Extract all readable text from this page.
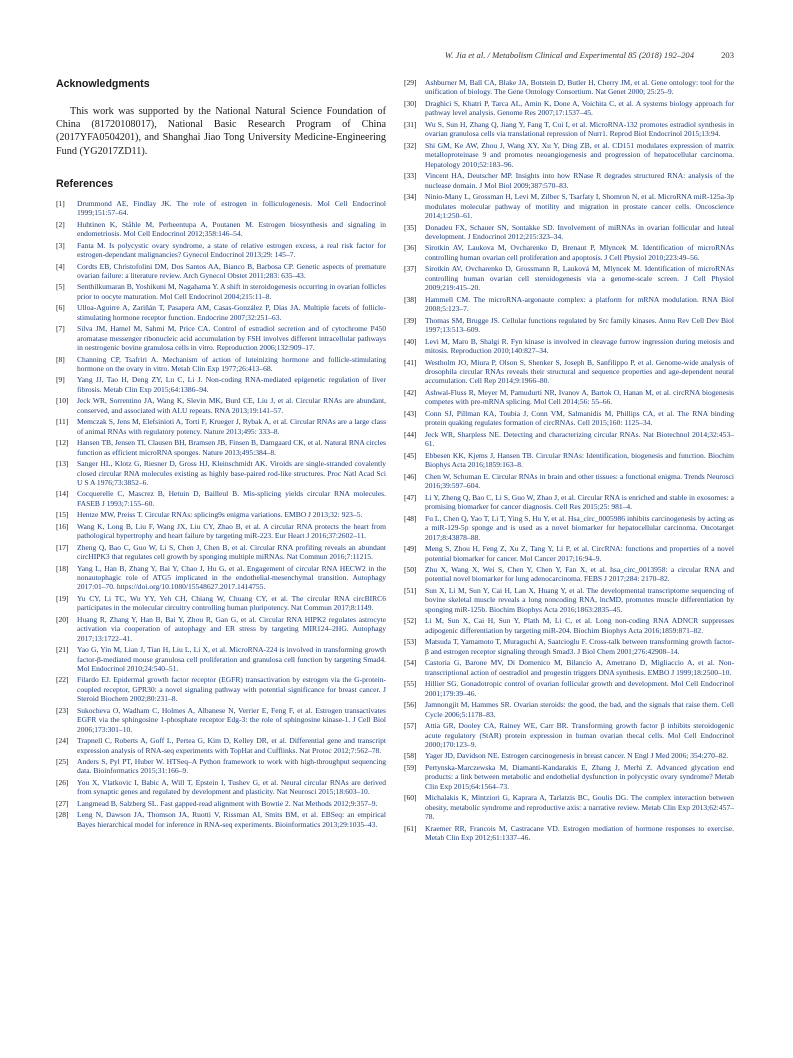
W. Jia et al. / Metabolism Clinical and Experimental 85 (2018) 192–204	203
Acknowledgments

This work was supported by the National Natural Science Foundation of China (81720108017), National Basic Research Program of China (2017YFA0504201), and Shanghai Jiao Tong University Medicine-Engineering Fund (YG2017ZD11).

References
[1] Drummond AE, Findlay JK. The role of estrogen in folliculogenesis. Mol Cell Endocrinol 1999;151:57–64.
[2] Huhtinen K, Ståhle M, Perheentupa A, Poutanen M. Estrogen biosynthesis and signaling in endometriosis. Mol Cell Endocrinol 2012;358:146–54.
[3] Fanta M. Is polycystic ovary syndrome, a state of relative estrogen excess, a real risk factor for estrogen-dependant malignancies? Gynecol Endocrinol 2013;29: 145–7.
[4] Cordts EB, Christofolini DM, Dos Santos AA, Bianco B, Barbosa CP. Genetic aspects of premature ovarian failure: a literature review. Arch Gynecol Obstet 2011;283: 635–43.
[5] Senthilkumaran B, Yoshikuni M, Nagahama Y. A shift in steroidogenesis occurring in ovarian follicles prior to oocyte maturation. Mol Cell Endocrinol 2004;215:11–8.
[6] Ulloa-Aguirre A, Zariñán T, Pasapera AM, Casas-González P, Dias JA. Multiple facets of follicle-stimulating hormone receptor function. Endocrine 2007;32:251–63.
[7] Silva JM, Hamel M, Sahmi M, Price CA. Control of estradiol secretion and of cytochrome P450 aromatase messenger ribonucleic acid accumulation by FSH involves different intracellular pathways in oestrogenic bovine granulosa cells in vitro. Reproduction 2006;132:909–17.
[8] Channing CP, Tsafriri A. Mechanism of action of luteinizing hormone and follicle-stimulating hormone on the ovary in vitro. Metab Clin Exp 1977;26:413–68.
[9] Yang JJ, Tao H, Deng ZY, Lu C, Li J. Non-coding RNA-mediated epigenetic regulation of liver fibrosis. Metab Clin Exp 2015;64:1386–94.
[10] Jeck WR, Sorrentino JA, Wang K, Slevin MK, Burd CE, Liu J, et al. Circular RNAs are abundant, conserved, and associated with ALU repeats. RNA 2013;19:141–57.
[11] Memczak S, Jens M, Elefsinioti A, Torti F, Krueger J, Rybak A, et al. Circular RNAs are a large class of animal RNAs with regulatory potency. Nature 2013;495: 333–8.
[12] Hansen TB, Jensen TI, Clausen BH, Bramsen JB, Finsen B, Damgaard CK, et al. Natural RNA circles function as efficient microRNA sponges. Nature 2013;495:384–8.
[13] Sanger HL, Klotz G, Riesner D, Gross HJ, Kleinschmidt AK. Viroids are single-stranded covalently closed circular RNA molecules existing as highly base-paired rod-like structures. Proc Natl Acad Sci U S A 1976;73:3852–6.
[14] Cocquerelle C, Mascrez B, Hetuin D, Bailleul B. Mis-splicing yields circular RNA molecules. FASEB J 1993;7:155–60.
[15] Hentze MW, Preiss T. Circular RNAs: splicing9s enigma variations. EMBO J 2013;32: 923–5.
[16] Wang K, Long B, Liu F, Wang JX, Liu CY, Zhao B, et al. A circular RNA protects the heart from pathological hypertrophy and heart failure by targeting miR-223. Eur Heart J 2016;37:2602–11.
[17] Zheng Q, Bao C, Guo W, Li S, Chen J, Chen B, et al. Circular RNA profiling reveals an abundant circHIPK3 that regulates cell growth by sponging multiple miRNAs. Nat Commun 2016;7:11215.
[18] Yang L, Han B, Zhang Y, Bai Y, Chao J, Hu G, et al. Engagement of circular RNA HECW2 in the nonautophagic role of ATG5 implicated in the endothelial-mesenchymal transition. Autophagy 2017:01–70. https://doi.org/10.1080/15548627.2017.1414755.
[19] Yu CY, Li TC, Wu YY, Yeh CH, Chiang W, Chuang CY, et al. The circular RNA circBIRC6 participates in the molecular circuitry controlling human pluripotency. Nat Commun 2017;8:1149.
[20] Huang R, Zhang Y, Han B, Bai Y, Zhou R, Gan G, et al. Circular RNA HIPK2 regulates astrocyte activation via cooperation of autophagy and ER stress by targeting MIR124–2HG. Autophagy 2017;13:1722–41.
[21] Yao G, Yin M, Lian J, Tian H, Liu L, Li X, et al. MicroRNA-224 is involved in transforming growth factor-β-mediated mouse granulosa cell proliferation and granulosa cell function by targeting Smad4. Mol Endocrinol 2010;24:540–51.
[22] Filardo EJ. Epidermal growth factor receptor (EGFR) transactivation by estrogen via the G-protein-coupled receptor, GPR30: a novel signaling pathway with potential significance for breast cancer. J Steroid Biochem 2002;80:231–8.
[23] Sukocheva O, Wadham C, Holmes A, Albanese N, Verrier E, Feng F, et al. Estrogen transactivates EGFR via the sphingosine 1-phosphate receptor Edg-3: the role of sphingosine kinase-1. J Cell Biol 2006;173:301–10.
[24] Trapnell C, Roberts A, Goff L, Pertea G, Kim D, Kelley DR, et al. Differential gene and transcript expression analysis of RNA-seq experiments with TopHat and Cufflinks. Nat Protoc 2012;7:562–78.
[25] Anders S, Pyl PT, Huber W. HTSeq–A Python framework to work with high-throughput sequencing data. Bioinformatics 2015;31:166–9.
[26] You X, Vlatkovic I, Babic A, Will T, Epstein I, Tushev G, et al. Neural circular RNAs are derived from synaptic genes and regulated by development and plasticity. Nat Neurosci 2015;18:603–10.
[27] Langmead B, Salzberg SL. Fast gapped-read alignment with Bowtie 2. Nat Methods 2012;9:357–9.
[28] Leng N, Dawson JA, Thomson JA, Ruotti V, Rissman AI, Smits BM, et al. EBSeq: an empirical Bayes hierarchical model for inference in RNA-seq experiments. Bioinformatics 2013;29:1035–43.
[29] Ashburner M, Ball CA, Blake JA, Botstein D, Butler H, Cherry JM, et al. Gene ontology: tool for the unification of biology. The Gene Ontology Consortium. Nat Genet 2000; 25:25–9.
[30] Draghici S, Khatri P, Tarca AL, Amin K, Done A, Voichita C, et al. A systems biology approach for pathway level analysis. Genome Res 2007;17:1537–45.
[31] Wu S, Sun H, Zhang Q, Jiang Y, Fang T, Cui I, et al. MicroRNA-132 promotes estradiol synthesis in ovarian granulosa cells via translational repression of Nurr1. Reprod Biol Endocrinol 2015;13:94.
[32] Shi GM, Ke AW, Zhou J, Wang XY, Xu Y, Ding ZB, et al. CD151 modulates expression of matrix metalloproteinase 9 and promotes neoangiogenesis and progression of hepatocellular carcinoma. Hepatology 2010;52:183–96.
[33] Vincent HA, Deutscher MP. Insights into how RNase R degrades structured RNA: analysis of the nuclease domain. J Mol Biol 2009;387:570–83.
[34] Ninio-Many L, Grossman H, Levi M, Zilber S, Tsarfaty I, Shomron N, et al. MicroRNA miR-125a-3p modulates molecular pathway of motility and migration in prostate cancer cells. Oncoscience 2014;1:250–61.
[35] Donadeu FX, Schauer SN, Sontakke SD. Involvement of miRNAs in ovarian follicular and luteal development. J Endocrinol 2012;215:323–34.
[36] Sirotkin AV, Laukova M, Ovcharenko D, Brenaut P, Mlyncek M. Identification of microRNAs controlling human ovarian cell proliferation and apoptosis. J Cell Physiol 2010;223:49–56.
[37] Sirotkin AV, Ovcharenko D, Grossmann R, Lauková M, Mlyncek M. Identification of microRNAs controlling human ovarian cell steroidogenesis via a genome-scale screen. J Cell Physiol 2009;219:415–20.
[38] Hammell CM. The microRNA-argonaute complex: a platform for mRNA modulation. RNA Biol 2008;5:123–7.
[39] Thomas SM, Brugge JS. Cellular functions regulated by Src family kinases. Annu Rev Cell Dev Biol 1997;13:513–609.
[40] Levi M, Maro B, Shalgi R. Fyn kinase is involved in cleavage furrow ingression during meiosis and mitosis. Reproduction 2010;140:827–34.
[41] Westholm JO, Miura P, Olson S, Shenker S, Joseph B, Sanfilippo P, et al. Genome-wide analysis of drosophila circular RNAs reveals their structural and sequence properties and age-dependent neural accumulation. Cell Rep 2014;9:1966–80.
[42] Ashwal-Fluss R, Meyer M, Pamudurti NR, Ivanov A, Bartok O, Hanan M, et al. circRNA biogenesis competes with pre-mRNA splicing. Mol Cell 2014;56: 55–66.
[43] Conn SJ, Pillman KA, Toubia J, Conn VM, Salmanidis M, Phillips CA, et al. The RNA binding protein quaking regulates formation of circRNAs. Cell 2015;160: 1125–34.
[44] Jeck WR, Sharpless NE. Detecting and characterizing circular RNAs. Nat Biotechnol 2014;32:453–61.
[45] Ebbesen KK, Kjems J, Hansen TB. Circular RNAs: Identification, biogenesis and function. Biochim Biophys Acta 2016;1859:163–8.
[46] Chen W, Schuman E. Circular RNAs in brain and other tissues: a functional enigma. Trends Neurosci 2016;39:597–604.
[47] Li Y, Zheng Q, Bao C, Li S, Guo W, Zhao J, et al. Circular RNA is enriched and stable in exosomes: a promising biomarker for cancer diagnosis. Cell Res 2015;25: 981–4.
[48] Fu L, Chen Q, Yao T, Li T, Ying S, Hu Y, et al. Hsa_circ_0005986 inhibits carcinogenesis by acting as a miR-129-5p sponge and is used as a novel biomarker for hepatocellular carcinoma. Oncotarget 2017;8:43878–88.
[49] Meng S, Zhou H, Feng Z, Xu Z, Tang Y, Li P, et al. CircRNA: functions and properties of a novel potential biomarker for cancer. Mol Cancer 2017;16:94–9.
[50] Zhu X, Wang X, Wei S, Chen Y, Chen Y, Fan X, et al. hsa_circ_0013958: a circular RNA and potential novel biomarker for lung adenocarcinoma. FEBS J 2017;284: 2170–82.
[51] Sun X, Li M, Sun Y, Cai H, Lan X, Huang Y, et al. The developmental transcriptome sequencing of bovine skeletal muscle reveals a long noncoding RNA, lncMD, promotes muscle differentiation by sponging miR-125b. Biochim Biophys Acta 2016;1863:2835–45.
[52] Li M, Sun X, Cai H, Sun Y, Plath M, Li C, et al. Long non-coding RNA ADNCR suppresses adipogenic differentiation by targeting miR-204. Biochim Biophys Acta 2016;1859:871–82.
[53] Matsuda T, Yamamoto T, Muraguchi A, Saatcioglu F. Cross-talk between transforming growth factor-β and estrogen receptor signaling through Smad3. J Biol Chem 2001;276:42908–14.
[54] Castoria G, Barone MV, Di Domenico M, Bilancio A, Ametrano D, Migliaccio A, et al. Non-transcriptional action of oestradiol and progestin triggers DNA synthesis. EMBO J 1999;18:2500–10.
[55] Hillier SG. Gonadotropic control of ovarian follicular growth and development. Mol Cell Endocrinol 2001;179:39–46.
[56] Jamnongjit M, Hammes SR. Ovarian steroids: the good, the bad, and the signals that raise them. Cell Cycle 2006;5:1178–83.
[57] Attia GR, Dooley CA, Rainey WE, Carr BR. Transforming growth factor β inhibits steroidogenic acute regulatory (StAR) protein expression in human ovarian thecal cells. Mol Cell Endocrinol 2000;170:123–9.
[58] Yager JD, Davidson NE. Estrogen carcinogenesis in breast cancer. N Engl J Med 2006; 354:270–82.
[59] Pertynska-Marczewska M, Diamanti-Kandarakis E, Zhang J, Merhi Z. Advanced glycation end products: a link between metabolic and endothelial dysfunction in polycystic ovary syndrome? Metab Clin Exp 2015;64:1564–73.
[60] Michalakis K, Mintziori G, Kaprara A, Tarlatzis BC, Goulis DG. The complex interaction between obesity, metabolic syndrome and reproductive axis: a narrative review. Metab Clin Exp 2013;62:457–78.
[61] Kraemer RR, Francois M, Castracane VD. Estrogen mediation of hormone responses to exercise. Metab Clin Exp 2012;61:1337–46.
